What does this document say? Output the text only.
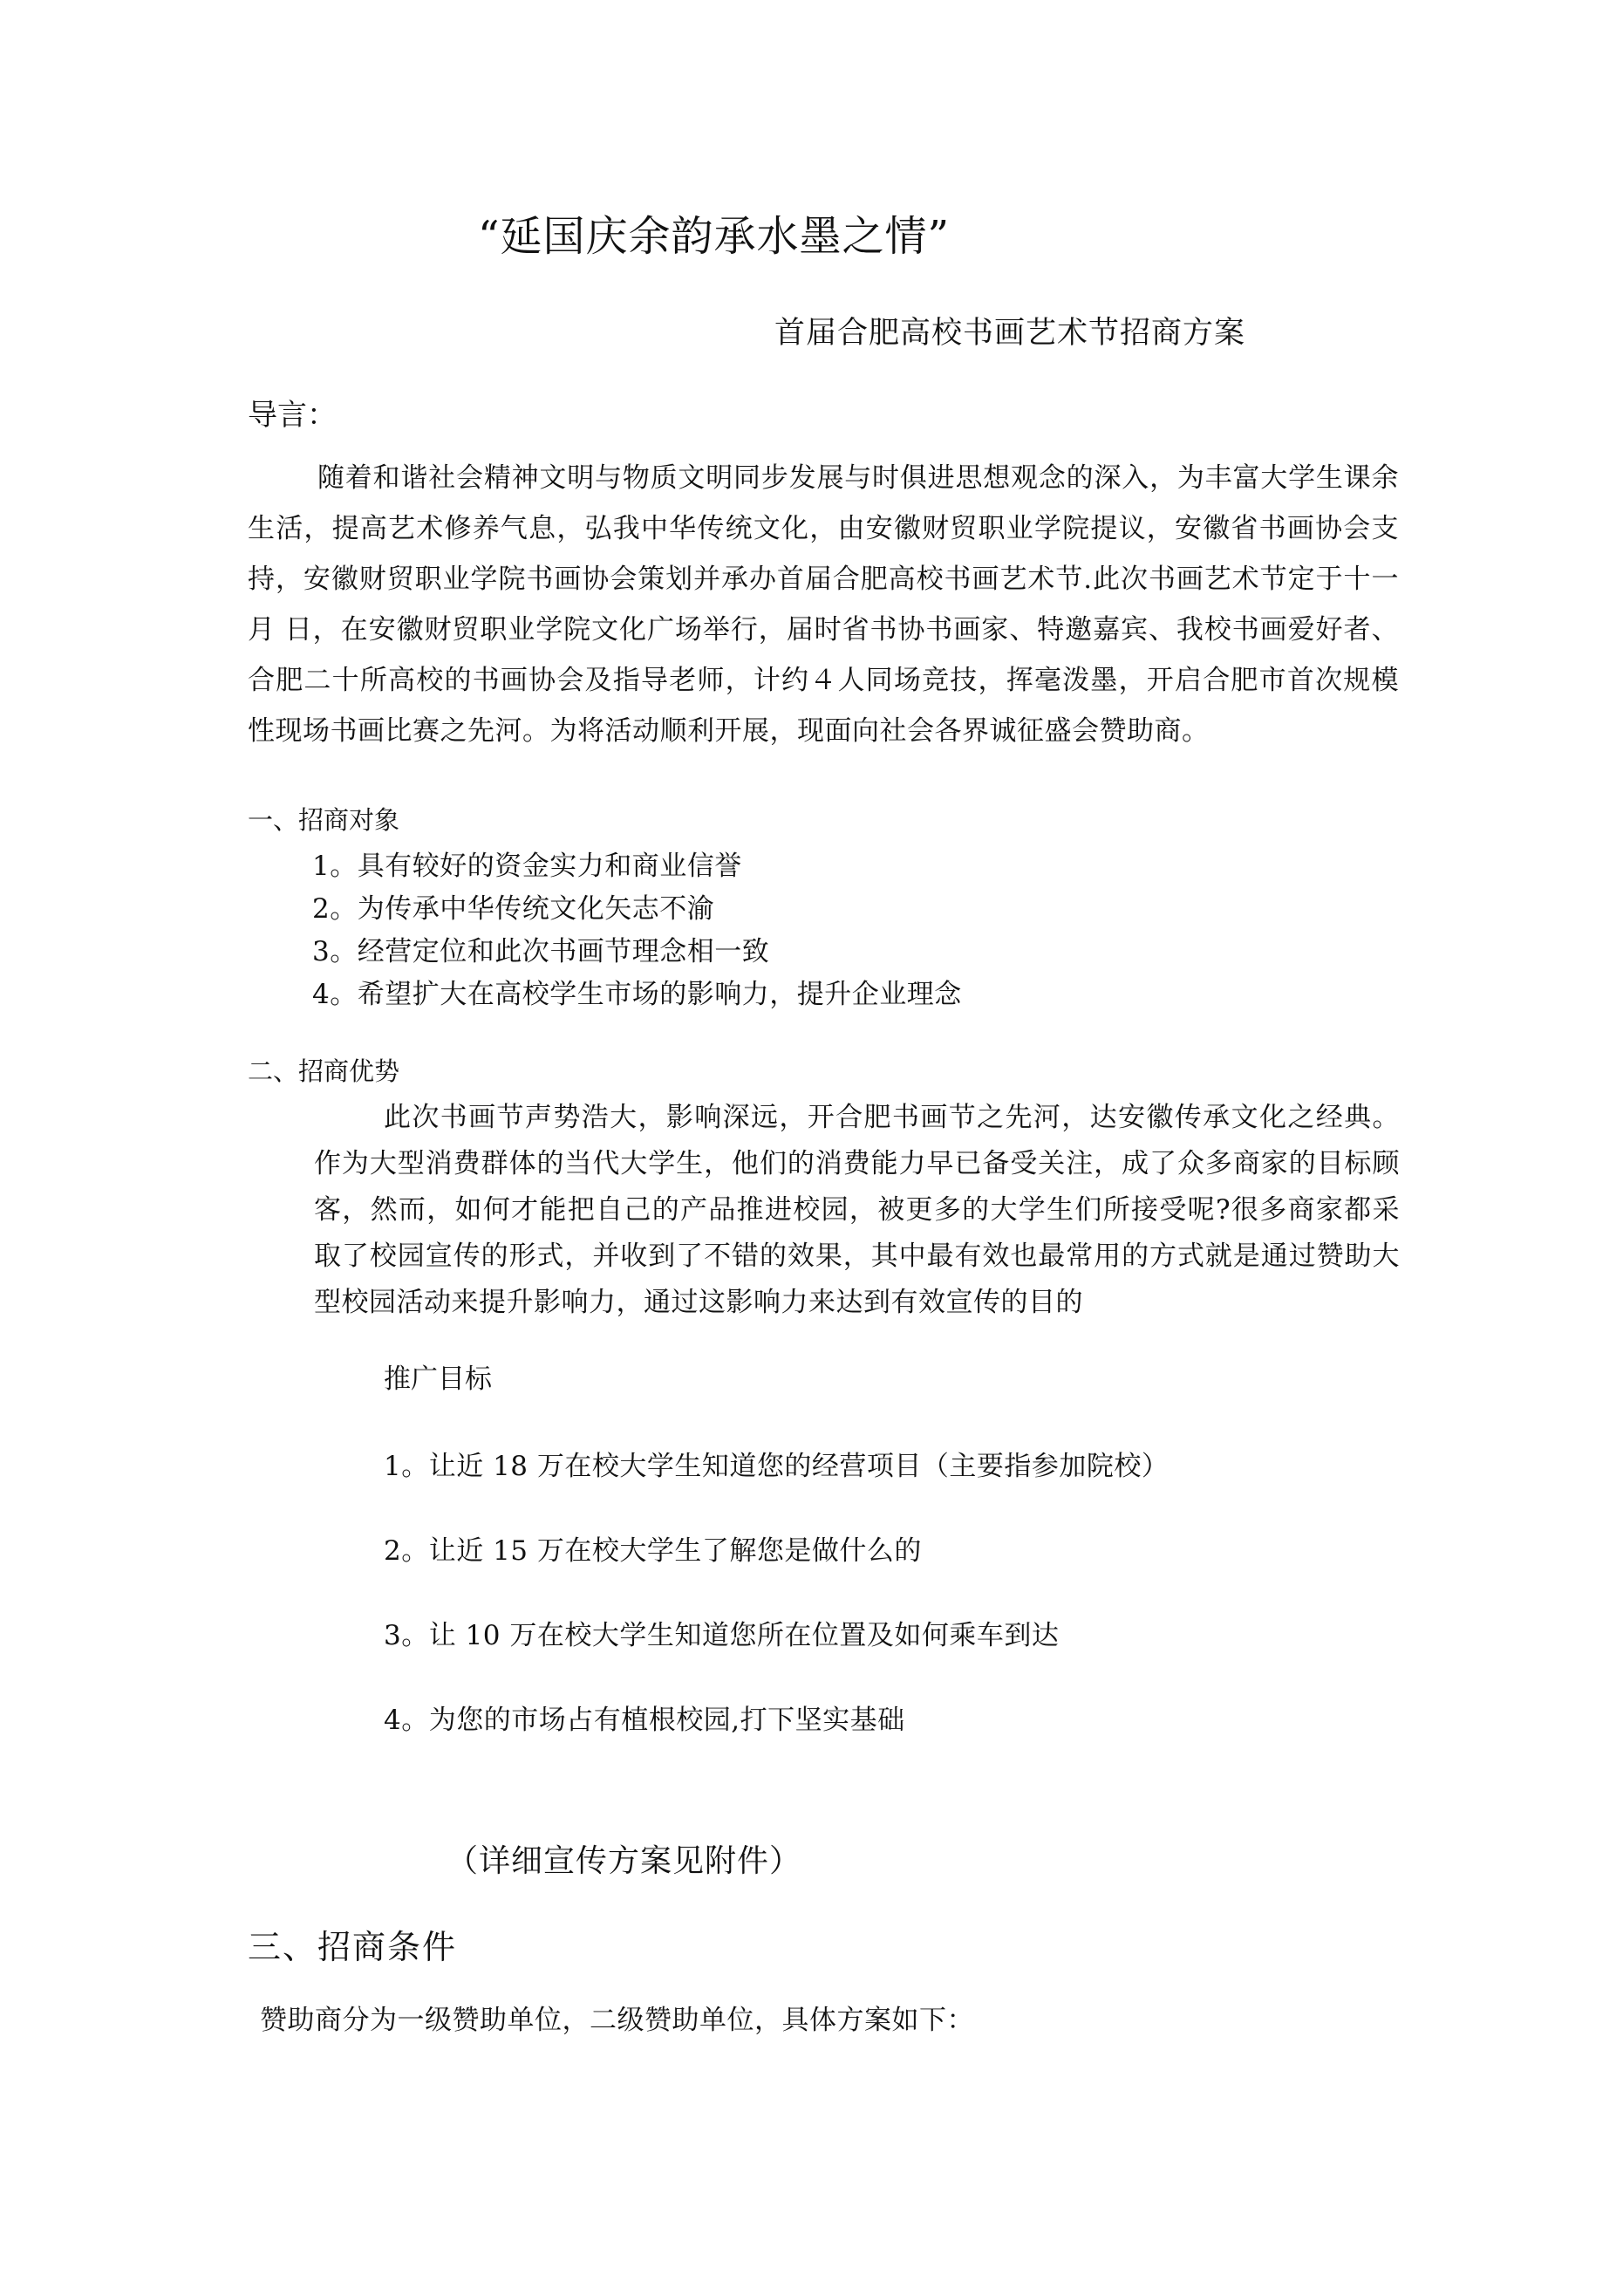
“延国庆余韵承水墨之情”
首届合肥高校书画艺术节招商方案
导言：
随着和谐社会精神文明与物质文明同步发展与时俱进思想观念的深入，为丰富大学生课余生活，提高艺术修养气息，弘我中华传统文化，由安徽财贸职业学院提议，安徽省书画协会支持，安徽财贸职业学院书画协会策划并承办首届合肥高校书画艺术节.此次书画艺术节定于十一月 日，在安徽财贸职业学院文化广场举行，届时省书协书画家、特邀嘉宾、我校书画爱好者、合肥二十所高校的书画协会及指导老师，计约４人同场竞技，挥毫泼墨，开启合肥市首次规模性现场书画比赛之先河。为将活动顺利开展，现面向社会各界诚征盛会赞助商。
一、招商对象
1。具有较好的资金实力和商业信誉
2。为传承中华传统文化矢志不渝
3。经营定位和此次书画节理念相一致
4。希望扩大在高校学生市场的影响力，提升企业理念
二、招商优势
此次书画节声势浩大，影响深远，开合肥书画节之先河，达安徽传承文化之经典。作为大型消费群体的当代大学生，他们的消费能力早已备受关注，成了众多商家的目标顾客，然而，如何才能把自己的产品推进校园，被更多的大学生们所接受呢?很多商家都采取了校园宣传的形式，并收到了不错的效果，其中最有效也最常用的方式就是通过赞助大型校园活动来提升影响力，通过这影响力来达到有效宣传的目的
推广目标
1。让近 18 万在校大学生知道您的经营项目（主要指参加院校）
2。让近 15 万在校大学生了解您是做什么的
3。让 10 万在校大学生知道您所在位置及如何乘车到达
4。为您的市场占有植根校园,打下坚实基础
（详细宣传方案见附件）
三、招商条件
赞助商分为一级赞助单位，二级赞助单位，具体方案如下：
